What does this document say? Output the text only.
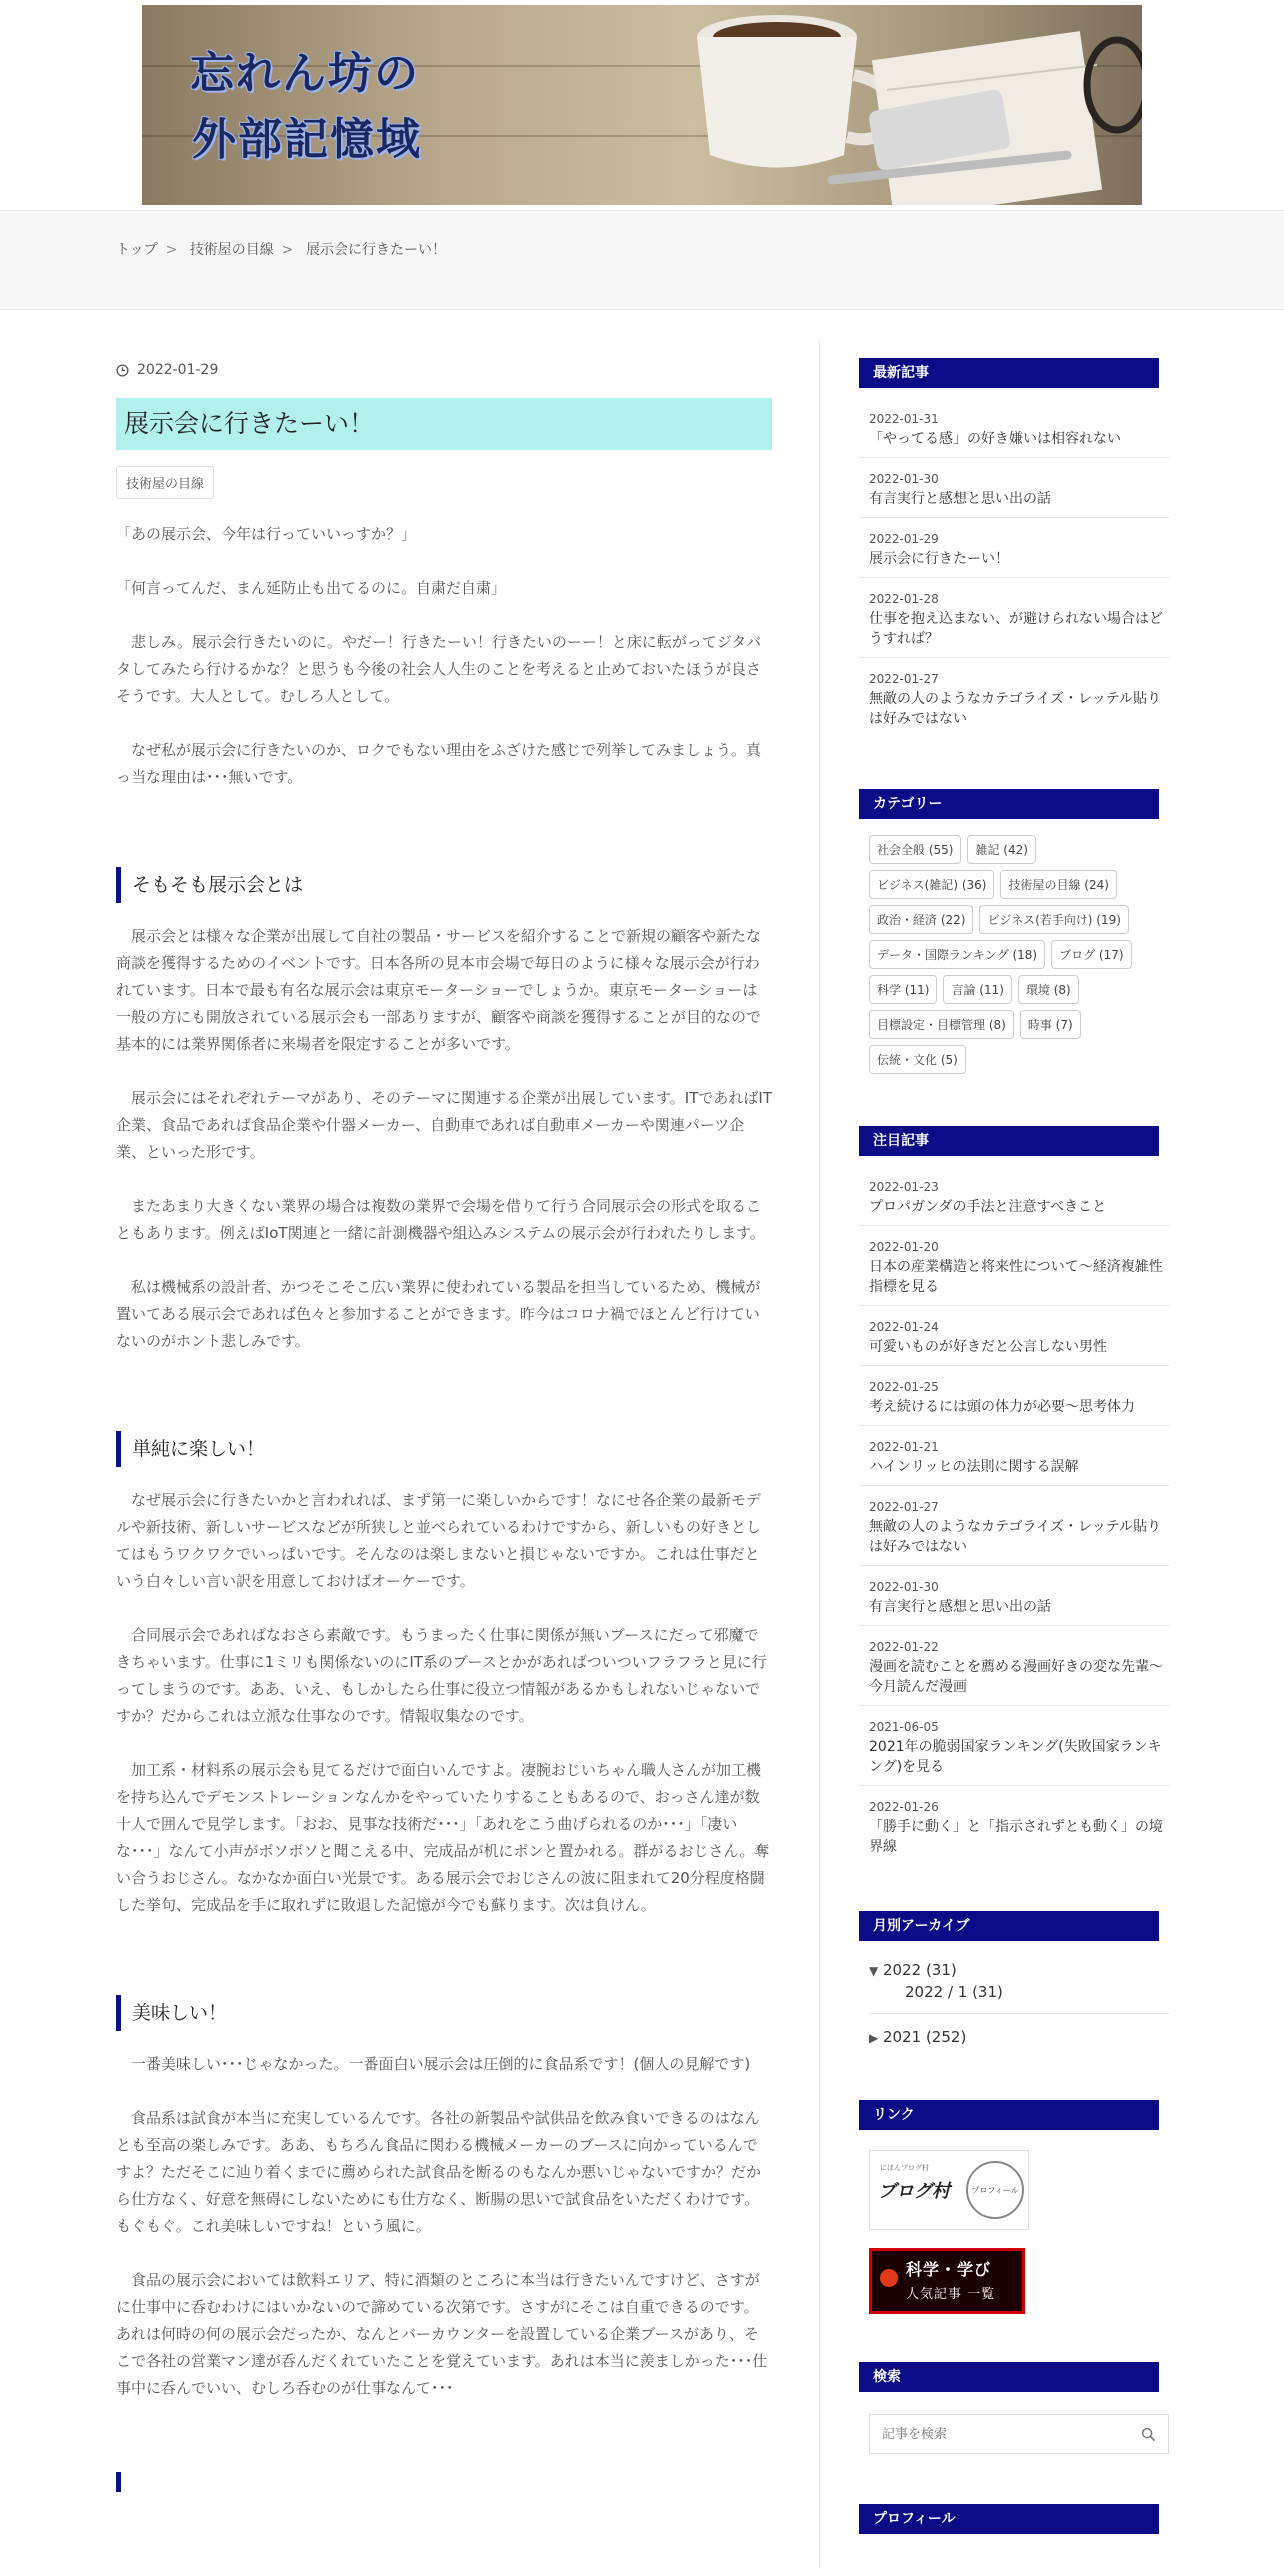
忘れん坊の
外部記憶域
トップ > 技術屋の目線 > 展示会に行きたーい！
2022-01-29
展示会に行きたーい！
技術屋の目線

「あの展示会、今年は行っていいっすか？」

「何言ってんだ、まん延防止も出てるのに。自粛だ自粛」

　悲しみ。展示会行きたいのに。やだー！行きたーい！行きたいのーー！と床に転がってジタバタしてみたら行けるかな？と思うも今後の社会人人生のことを考えると止めておいたほうが良さそうです。大人として。むしろ人として。

　なぜ私が展示会に行きたいのか、ロクでもない理由をふざけた感じで列挙してみましょう。真っ当な理由は･･･無いです。

そもそも展示会とは

　展示会とは様々な企業が出展して自社の製品・サービスを紹介することで新規の顧客や新たな商談を獲得するためのイベントです。日本各所の見本市会場で毎日のように様々な展示会が行われています。日本で最も有名な展示会は東京モーターショーでしょうか。東京モーターショーは一般の方にも開放されている展示会も一部ありますが、顧客や商談を獲得することが目的なので基本的には業界関係者に来場者を限定することが多いです。

　展示会にはそれぞれテーマがあり、そのテーマに関連する企業が出展しています。ITであればIT企業、食品であれば食品企業や什器メーカー、自動車であれば自動車メーカーや関連パーツ企業、といった形です。

　またあまり大きくない業界の場合は複数の業界で会場を借りて行う合同展示会の形式を取ることもあります。例えばIoT関連と一緒に計測機器や組込みシステムの展示会が行われたりします。

　私は機械系の設計者、かつそこそこ広い業界に使われている製品を担当しているため、機械が置いてある展示会であれば色々と参加することができます。昨今はコロナ禍でほとんど行けていないのがホント悲しみです。

単純に楽しい！

　なぜ展示会に行きたいかと言われれば、まず第一に楽しいからです！なにせ各企業の最新モデルや新技術、新しいサービスなどが所狭しと並べられているわけですから、新しいもの好きとしてはもうワクワクでいっぱいです。そんなのは楽しまないと損じゃないですか。これは仕事だという白々しい言い訳を用意しておけばオーケーです。

　合同展示会であればなおさら素敵です。もうまったく仕事に関係が無いブースにだって邪魔できちゃいます。仕事に1ミリも関係ないのにIT系のブースとかがあればついついフラフラと見に行ってしまうのです。ああ、いえ、もしかしたら仕事に役立つ情報があるかもしれないじゃないですか？だからこれは立派な仕事なのです。情報収集なのです。

　加工系・材料系の展示会も見てるだけで面白いんですよ。凄腕おじいちゃん職人さんが加工機を持ち込んでデモンストレーションなんかをやっていたりすることもあるので、おっさん達が数十人で囲んで見学します。「おお、見事な技術だ･･･」「あれをこう曲げられるのか･･･」「凄いな･･･」なんて小声がボソボソと聞こえる中、完成品が机にポンと置かれる。群がるおじさん。奪い合うおじさん。なかなか面白い光景です。ある展示会でおじさんの波に阻まれて20分程度格闘した挙句、完成品を手に取れずに敗退した記憶が今でも蘇ります。次は負けん。

美味しい！

　一番美味しい･･･じゃなかった。一番面白い展示会は圧倒的に食品系です！(個人の見解です)

　食品系は試食が本当に充実しているんです。各社の新製品や試供品を飲み食いできるのはなんとも至高の楽しみです。ああ、もちろん食品に関わる機械メーカーのブースに向かっているんですよ？ただそこに辿り着くまでに薦められた試食品を断るのもなんか悪いじゃないですか？だから仕方なく、好意を無碍にしないためにも仕方なく、断腸の思いで試食品をいただくわけです。もぐもぐ。これ美味しいですね！という風に。

　食品の展示会においては飲料エリア、特に酒類のところに本当は行きたいんですけど、さすがに仕事中に呑むわけにはいかないので諦めている次第です。さすがにそこは自重できるのです。あれは何時の何の展示会だったか、なんとバーカウンターを設置している企業ブースがあり、そこで各社の営業マン達が呑んだくれていたことを覚えています。あれは本当に羨ましかった･･･仕事中に呑んでいい、むしろ呑むのが仕事なんて･･･

最新記事
2022-01-31
「やってる感」の好き嫌いは相容れない
2022-01-30
有言実行と感想と思い出の話
2022-01-29
展示会に行きたーい！
2022-01-28
仕事を抱え込まない、が避けられない場合はどうすれば？
2022-01-27
無敵の人のようなカテゴライズ・レッテル貼りは好みではない
カテゴリー
社会全般 (55)	雑記 (42)
ビジネス(雑記) (36)	技術屋の目線 (24)
政治・経済 (22)	ビジネス(若手向け) (19)
データ・国際ランキング (18)	ブログ (17)
科学 (11)	言論 (11)	環境 (8)
目標設定・目標管理 (8)	時事 (7)
伝統・文化 (5)
注目記事
2022-01-23
プロパガンダの手法と注意すべきこと
2022-01-20
日本の産業構造と将来性について～経済複雑性指標を見る
2022-01-24
可愛いものが好きだと公言しない男性
2022-01-25
考え続けるには頭の体力が必要～思考体力
2022-01-21
ハインリッヒの法則に関する誤解
2022-01-27
無敵の人のようなカテゴライズ・レッテル貼りは好みではない
2022-01-30
有言実行と感想と思い出の話
2022-01-22
漫画を読むことを薦める漫画好きの変な先輩～今月読んだ漫画
2021-06-05
2021年の脆弱国家ランキング(失敗国家ランキング)を見る
2022-01-26
「勝手に動く」と「指示されずとも動く」の境界線
月別アーカイブ
▼ 2022 (31)
2022 / 1 (31)
▶ 2021 (252)
リンク
にほんブログ村
ブログ村	プロフィール
科学・学び
人気記事 一覧
検索
記事を検索
プロフィール
